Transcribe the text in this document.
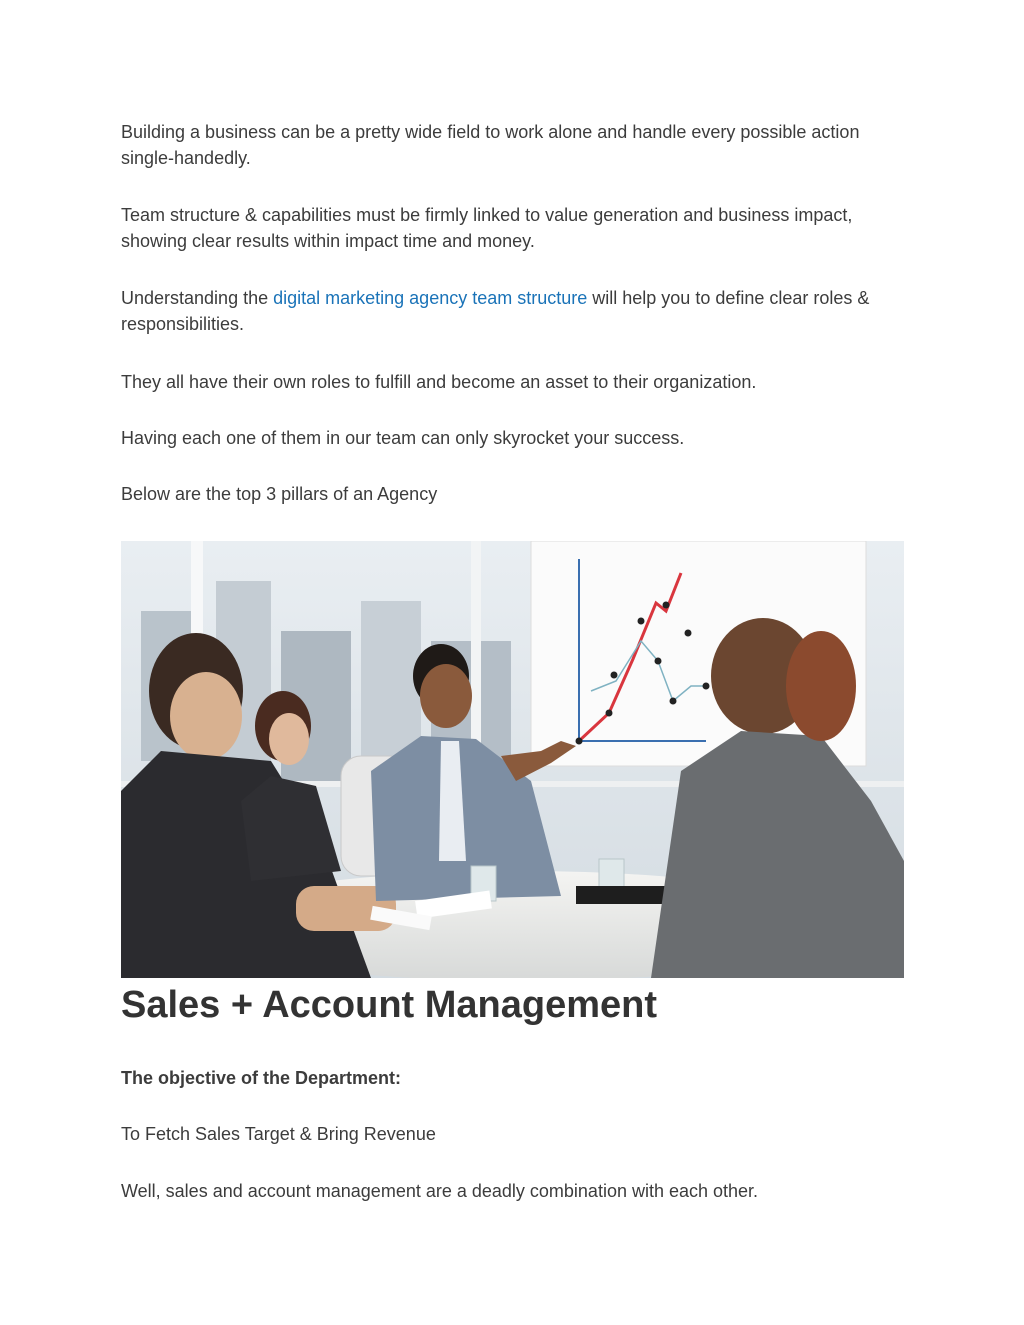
Building a business can be a pretty wide field to work alone and handle every possible action single-handedly.

Team structure & capabilities must be firmly linked to value generation and business impact, showing clear results within impact time and money.

Understanding the digital marketing agency team structure will help you to define clear roles & responsibilities.

They all have their own roles to fulfill and become an asset to their organization.

Having each one of them in our team can only skyrocket your success.

Below are the top 3 pillars of an Agency

Sales + Account Management

The objective of the Department:

To Fetch Sales Target & Bring Revenue

Well, sales and account management are a deadly combination with each other.
